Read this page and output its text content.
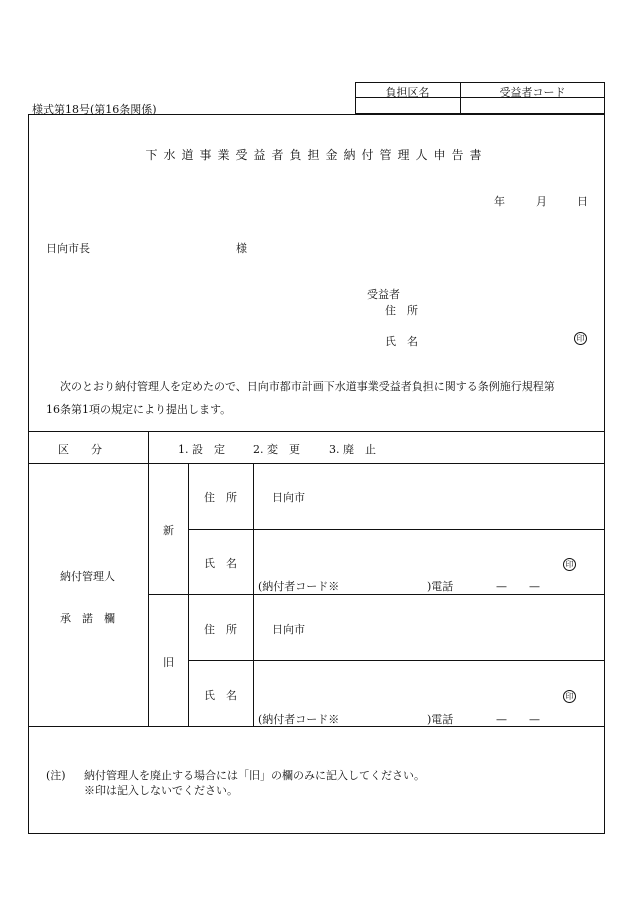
負担区名	受益者コード
様式第18号(第16条関係)
下水道事業受益者負担金納付管理人申告書
年	月	日
日向市長	様
受益者
住　所
氏　名	印
次のとおり納付管理人を定めたので、日向市都市計画下水道事業受益者負担に関する条例施行規程第
16条第1項の規定により提出します。
区　　分	1. 設　定	2. 変　更	3. 廃　止
納付管理人
承　諾　欄
新
住　所	日向市
氏　名	印
(納付者コード※	)電話	—　　—
旧
住　所	日向市
氏　名	印
(納付者コード※	)電話	—　　—
(注) 納付管理人を廃止する場合には「旧」の欄のみに記入してください。
※印は記入しないでください。
